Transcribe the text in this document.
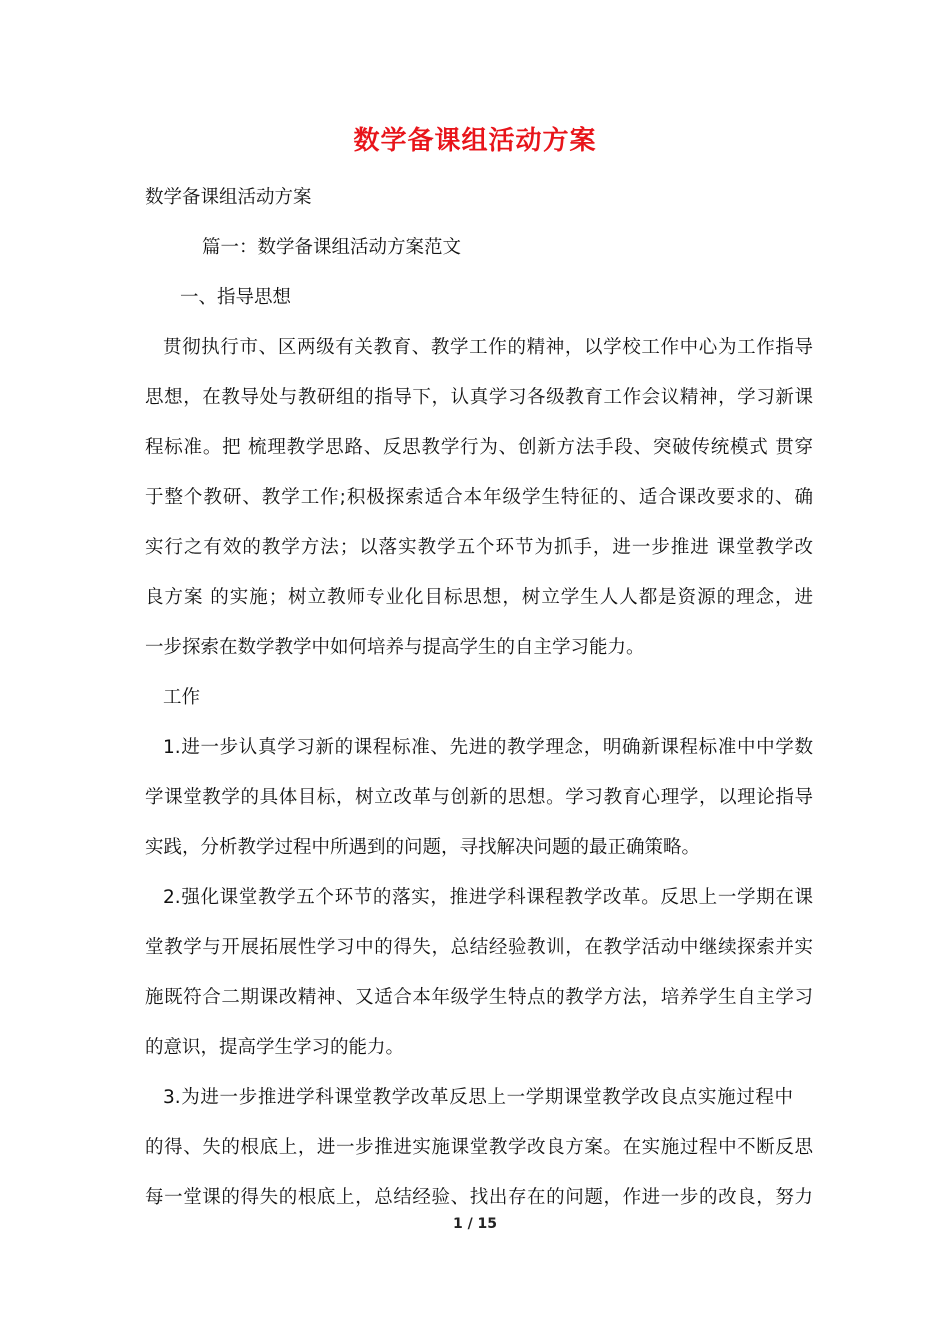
数学备课组活动方案
数学备课组活动方案
篇一：数学备课组活动方案范文
一、指导思想
贯彻执行市、区两级有关教育、教学工作的精神，以学校工作中心为工作指导
思想，在教导处与教研组的指导下，认真学习各级教育工作会议精神，学习新课
程标准。把 梳理教学思路、反思教学行为、创新方法手段、突破传统模式 贯穿
于整个教研、教学工作;积极探索适合本年级学生特征的、适合课改要求的、确
实行之有效的教学方法；以落实教学五个环节为抓手，进一步推进 课堂教学改
良方案 的实施；树立教师专业化目标思想，树立学生人人都是资源的理念，进
一步探索在数学教学中如何培养与提高学生的自主学习能力。
工作
1.进一步认真学习新的课程标准、先进的教学理念，明确新课程标准中中学数
学课堂教学的具体目标，树立改革与创新的思想。学习教育心理学，以理论指导
实践，分析教学过程中所遇到的问题，寻找解决问题的最正确策略。
2.强化课堂教学五个环节的落实，推进学科课程教学改革。反思上一学期在课
堂教学与开展拓展性学习中的得失，总结经验教训，在教学活动中继续探索并实
施既符合二期课改精神、又适合本年级学生特点的教学方法，培养学生自主学习
的意识，提高学生学习的能力。
3.为进一步推进学科课堂教学改革反思上一学期课堂教学改良点实施过程中
的得、失的根底上，进一步推进实施课堂教学改良方案。在实施过程中不断反思
每一堂课的得失的根底上，总结经验、找出存在的问题，作进一步的改良，努力
1 / 15
